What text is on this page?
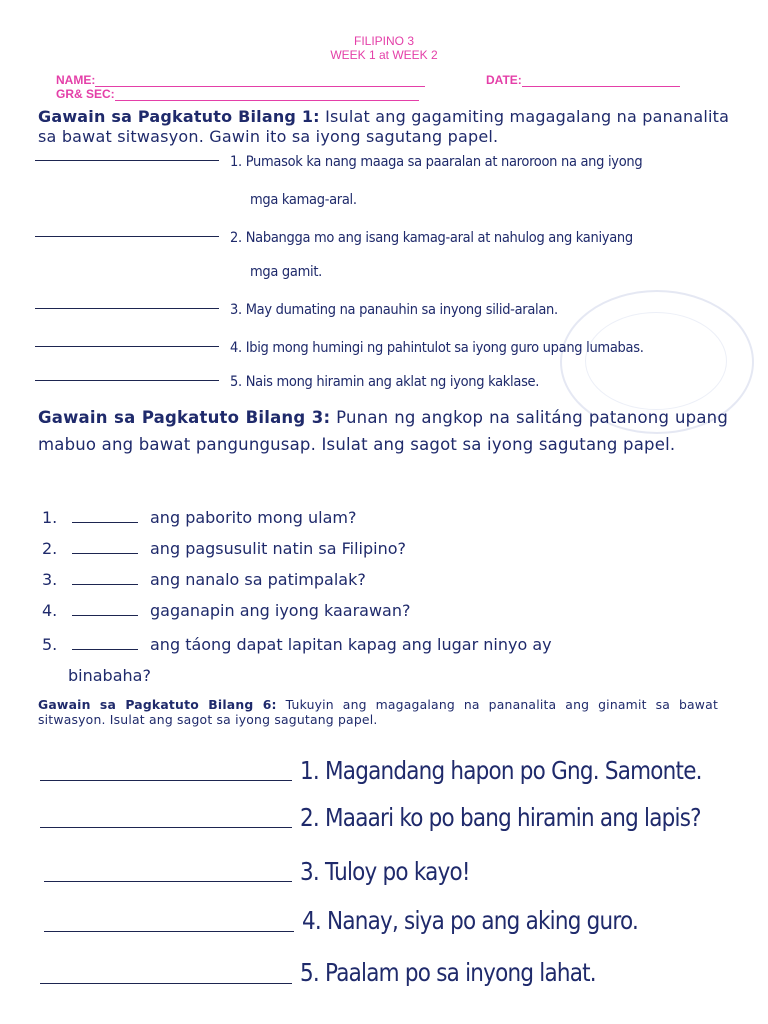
FILIPINO 3
WEEK 1 at WEEK 2
NAME:	DATE:
GR& SEC:
Gawain sa Pagkatuto Bilang 1: Isulat ang gagamiting magagalang na pananalita sa bawat sitwasyon. Gawin ito sa iyong sagutang papel.
1. Pumasok ka nang maaga sa paaralan at naroroon na ang iyong
mga kamag-aral.
2. Nabangga mo ang isang kamag-aral at nahulog ang kaniyang
mga gamit.
3. May dumating na panauhin sa inyong silid-aralan.
4. Ibig mong humingi ng pahintulot sa iyong guro upang lumabas.
5. Nais mong hiramin ang aklat ng iyong kaklase.
Gawain sa Pagkatuto Bilang 3: Punan ng angkop na salitáng patanong upang mabuo ang bawat pangungusap. Isulat ang sagot sa iyong sagutang papel.
1.	ang paborito mong ulam?
2.	ang pagsusulit natin sa Filipino?
3.	ang nanalo sa patimpalak?
4.	gaganapin ang iyong kaarawan?
5.	ang táong dapat lapitan kapag ang lugar ninyo ay
binabaha?
Gawain sa Pagkatuto Bilang 6: Tukuyin ang magagalang na pananalita ang ginamit sa bawat sitwasyon. Isulat ang sagot sa iyong sagutang papel.
1. Magandang hapon po Gng. Samonte.
2. Maaari ko po bang hiramin ang lapis?
3. Tuloy po kayo!
4. Nanay, siya po ang aking guro.
5. Paalam po sa inyong lahat.
